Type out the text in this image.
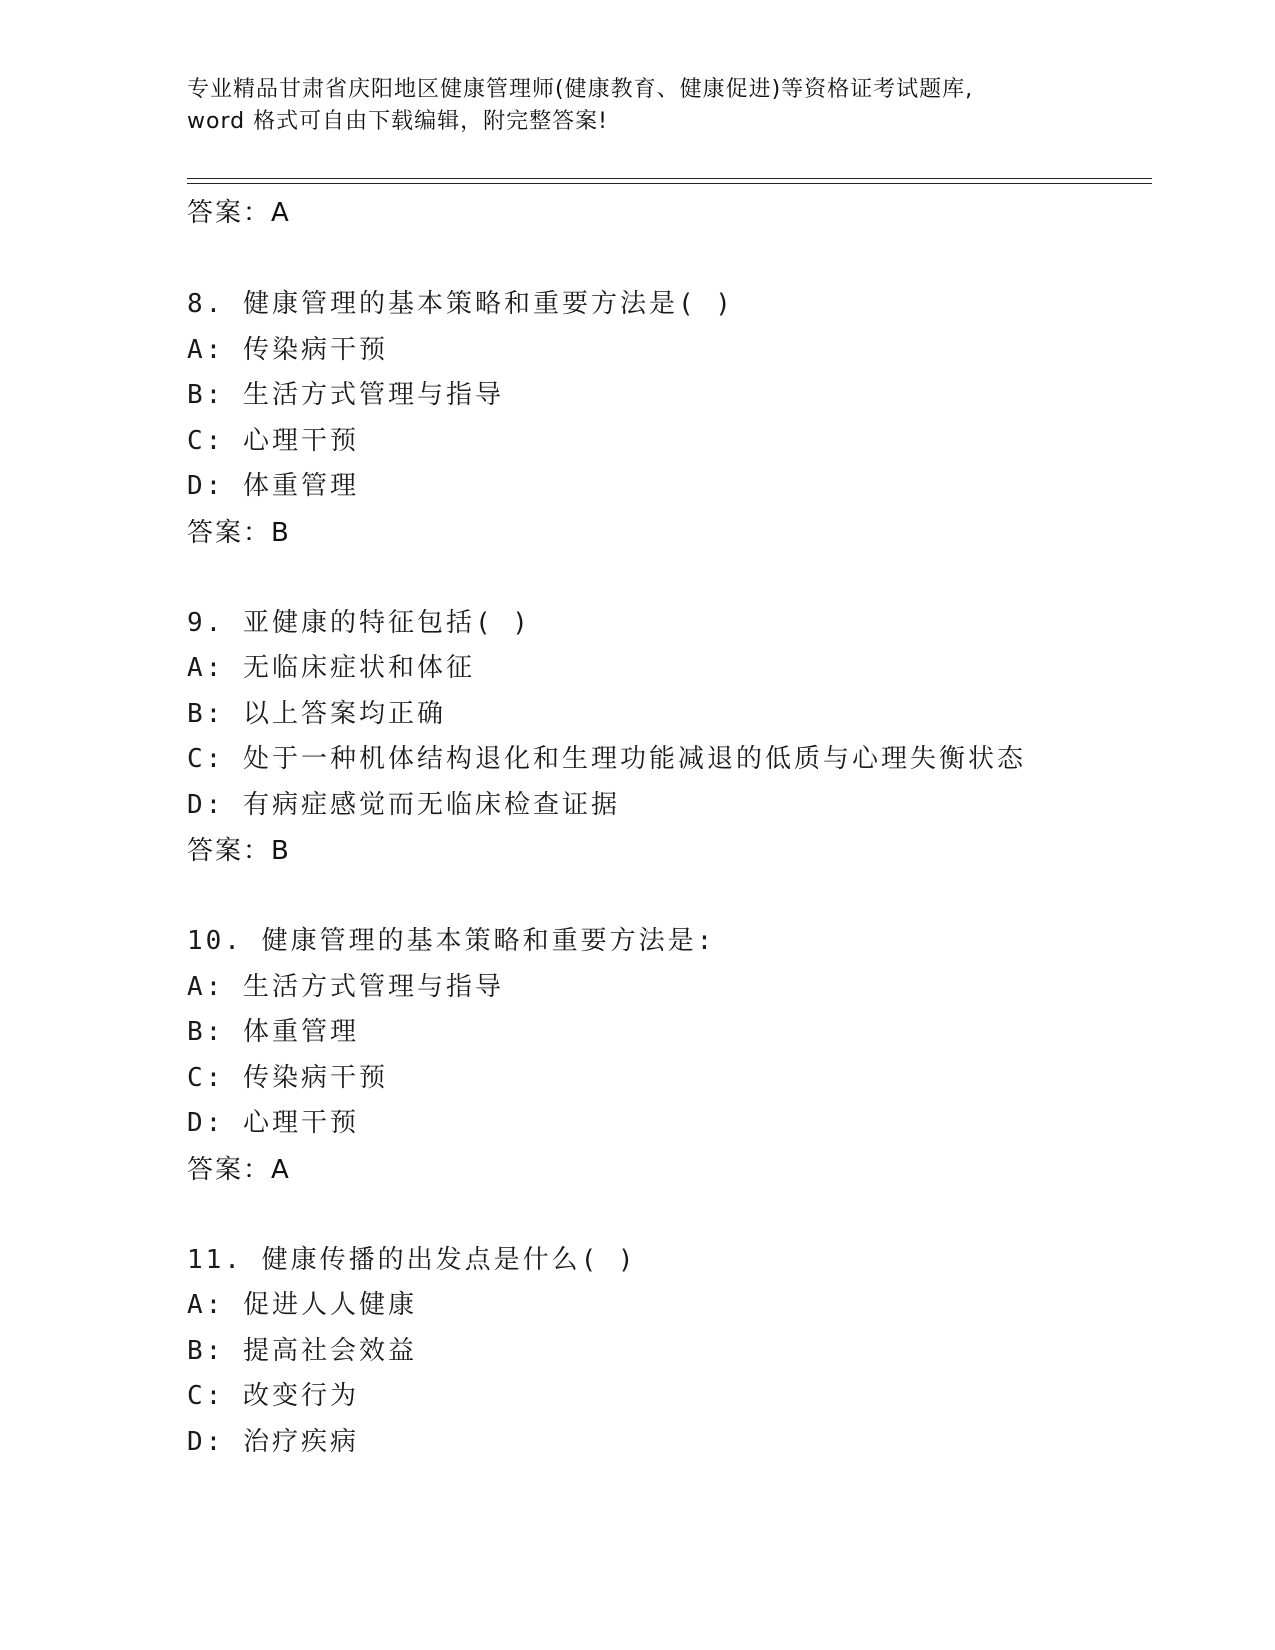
专业精品甘肃省庆阳地区健康管理师(健康教育、健康促进)等资格证考试题库,
word 格式可自由下载编辑，附完整答案!
答案：A
8. 健康管理的基本策略和重要方法是( )
A: 传染病干预
B: 生活方式管理与指导
C: 心理干预
D: 体重管理
答案：B
9. 亚健康的特征包括( )
A: 无临床症状和体征
B: 以上答案均正确
C: 处于一种机体结构退化和生理功能减退的低质与心理失衡状态
D: 有病症感觉而无临床检查证据
答案：B
10. 健康管理的基本策略和重要方法是:
A: 生活方式管理与指导
B: 体重管理
C: 传染病干预
D: 心理干预
答案：A
11. 健康传播的出发点是什么( )
A: 促进人人健康
B: 提高社会效益
C: 改变行为
D: 治疗疾病
